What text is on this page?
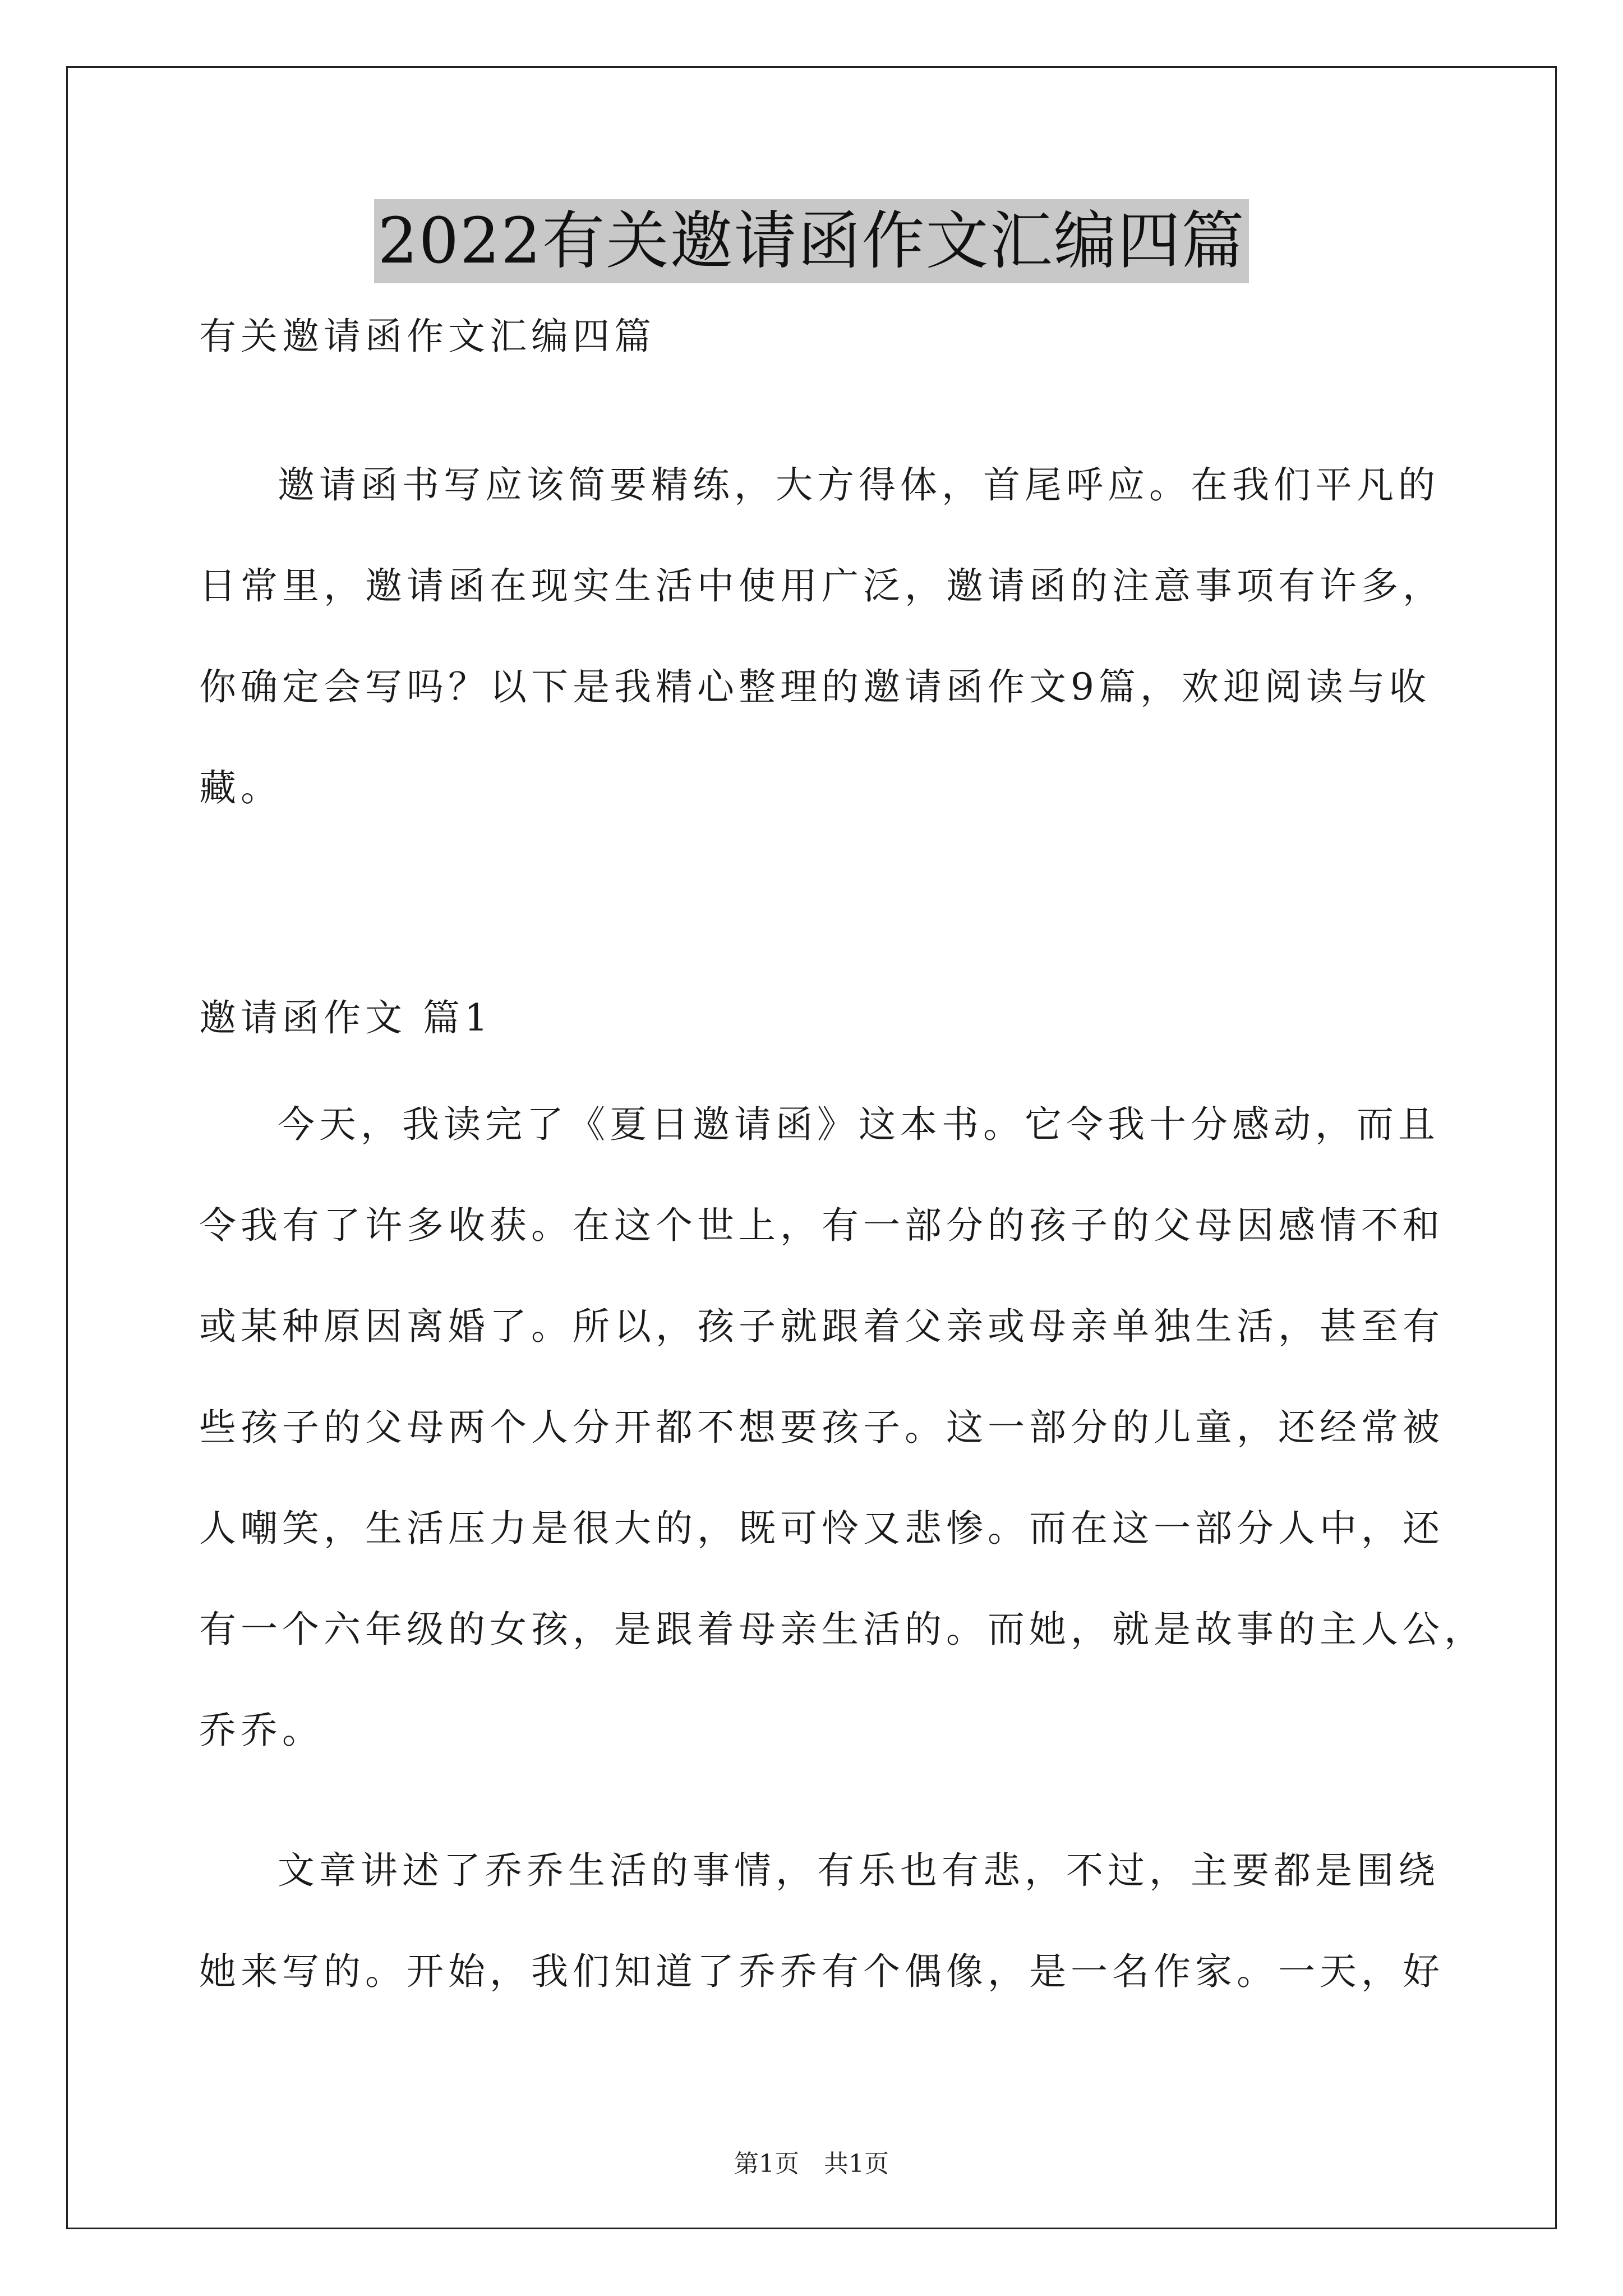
2022有关邀请函作文汇编四篇
有关邀请函作文汇编四篇
邀请函书写应该简要精练，大方得体，首尾呼应。在我们平凡的
日常里，邀请函在现实生活中使用广泛，邀请函的注意事项有许多，
你确定会写吗？以下是我精心整理的邀请函作文9篇，欢迎阅读与收
藏。
邀请函作文 篇1
今天，我读完了《夏日邀请函》这本书。它令我十分感动，而且
令我有了许多收获。在这个世上，有一部分的孩子的父母因感情不和
或某种原因离婚了。所以，孩子就跟着父亲或母亲单独生活，甚至有
些孩子的父母两个人分开都不想要孩子。这一部分的儿童，还经常被
人嘲笑，生活压力是很大的，既可怜又悲惨。而在这一部分人中，还
有一个六年级的女孩，是跟着母亲生活的。而她，就是故事的主人公，
乔乔。
文章讲述了乔乔生活的事情，有乐也有悲，不过，主要都是围绕
她来写的。开始，我们知道了乔乔有个偶像，是一名作家。一天，好
第1页　共1页
